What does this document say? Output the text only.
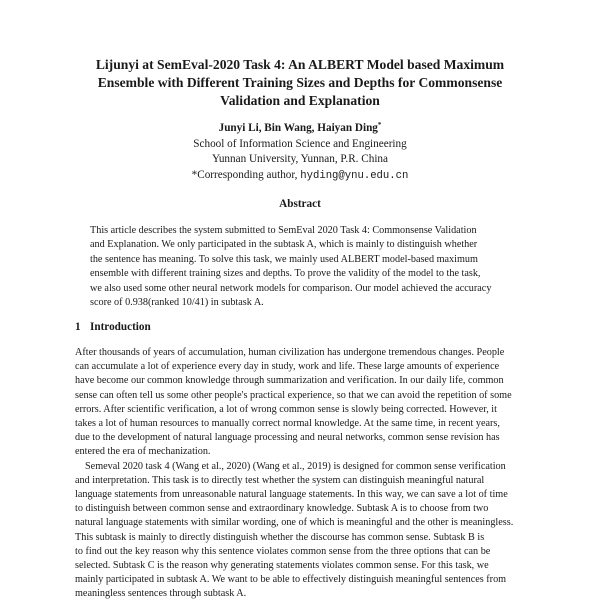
Lijunyi at SemEval-2020 Task 4: An ALBERT Model based Maximum
Ensemble with Different Training Sizes and Depths for Commonsense
Validation and Explanation
Junyi Li, Bin Wang, Haiyan Ding*
School of Information Science and Engineering
Yunnan University, Yunnan, P.R. China
*Corresponding author, hyding@ynu.edu.cn
Abstract
This article describes the system submitted to SemEval 2020 Task 4: Commonsense Validation
and Explanation. We only participated in the subtask A, which is mainly to distinguish whether
the sentence has meaning. To solve this task, we mainly used ALBERT model-based maximum
ensemble with different training sizes and depths. To prove the validity of the model to the task,
we also used some other neural network models for comparison. Our model achieved the accuracy
score of 0.938(ranked 10/41) in subtask A.
1 Introduction
After thousands of years of accumulation, human civilization has undergone tremendous changes. People
can accumulate a lot of experience every day in study, work and life. These large amounts of experience
have become our common knowledge through summarization and verification. In our daily life, common
sense can often tell us some other people's practical experience, so that we can avoid the repetition of some
errors. After scientific verification, a lot of wrong common sense is slowly being corrected. However, it
takes a lot of human resources to manually correct normal knowledge. At the same time, in recent years,
due to the development of natural language processing and neural networks, common sense revision has
entered the era of mechanization.
Semeval 2020 task 4 (Wang et al., 2020) (Wang et al., 2019) is designed for common sense verification
and interpretation. This task is to directly test whether the system can distinguish meaningful natural
language statements from unreasonable natural language statements. In this way, we can save a lot of time
to distinguish between common sense and extraordinary knowledge. Subtask A is to choose from two
natural language statements with similar wording, one of which is meaningful and the other is meaningless.
This subtask is mainly to directly distinguish whether the discourse has common sense. Subtask B is
to find out the key reason why this sentence violates common sense from the three options that can be
selected. Subtask C is the reason why generating statements violates common sense. For this task, we
mainly participated in subtask A. We want to be able to effectively distinguish meaningful sentences from
meaningless sentences through subtask A.
